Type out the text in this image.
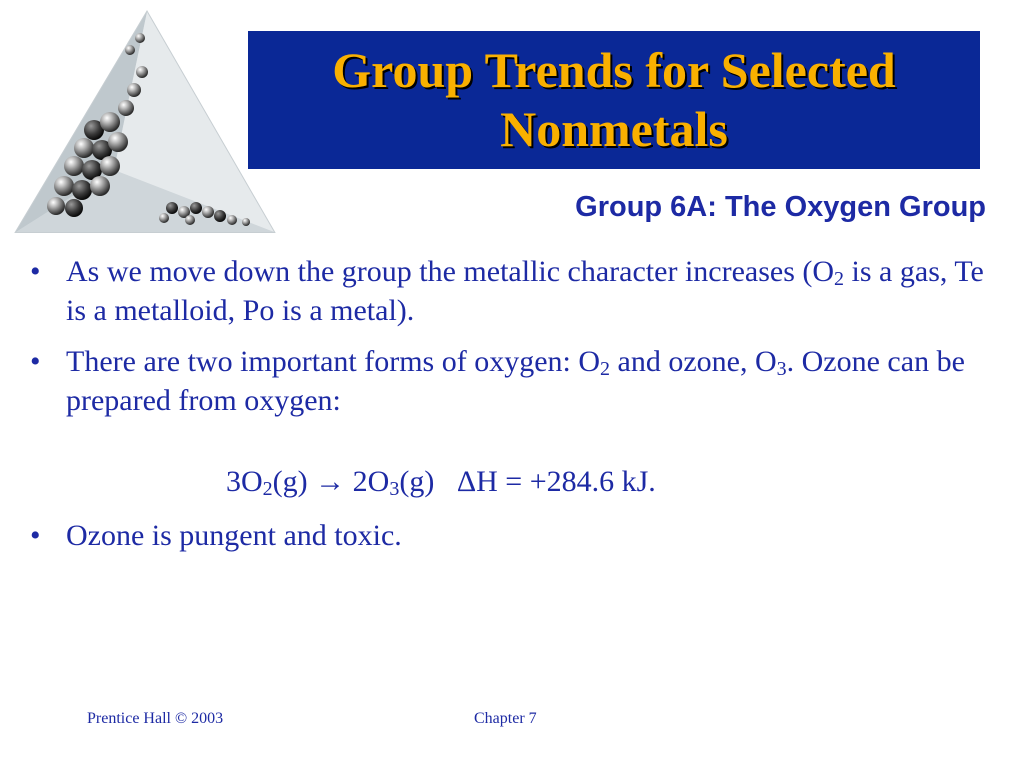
Group Trends for Selected Nonmetals
Group 6A: The Oxygen Group
• As we move down the group the metallic character increases ($O_2$ is a gas, Te is a metalloid, Po is a metal).
• There are two important forms of oxygen: $O_2$ and ozone, $O_3$. Ozone can be prepared from oxygen:

$3O_2(g) \to 2O_3(g) \Delta H = +284.6$ kJ.

• Ozone is pungent and toxic.
Prentice Hall © 2003	Chapter 7
